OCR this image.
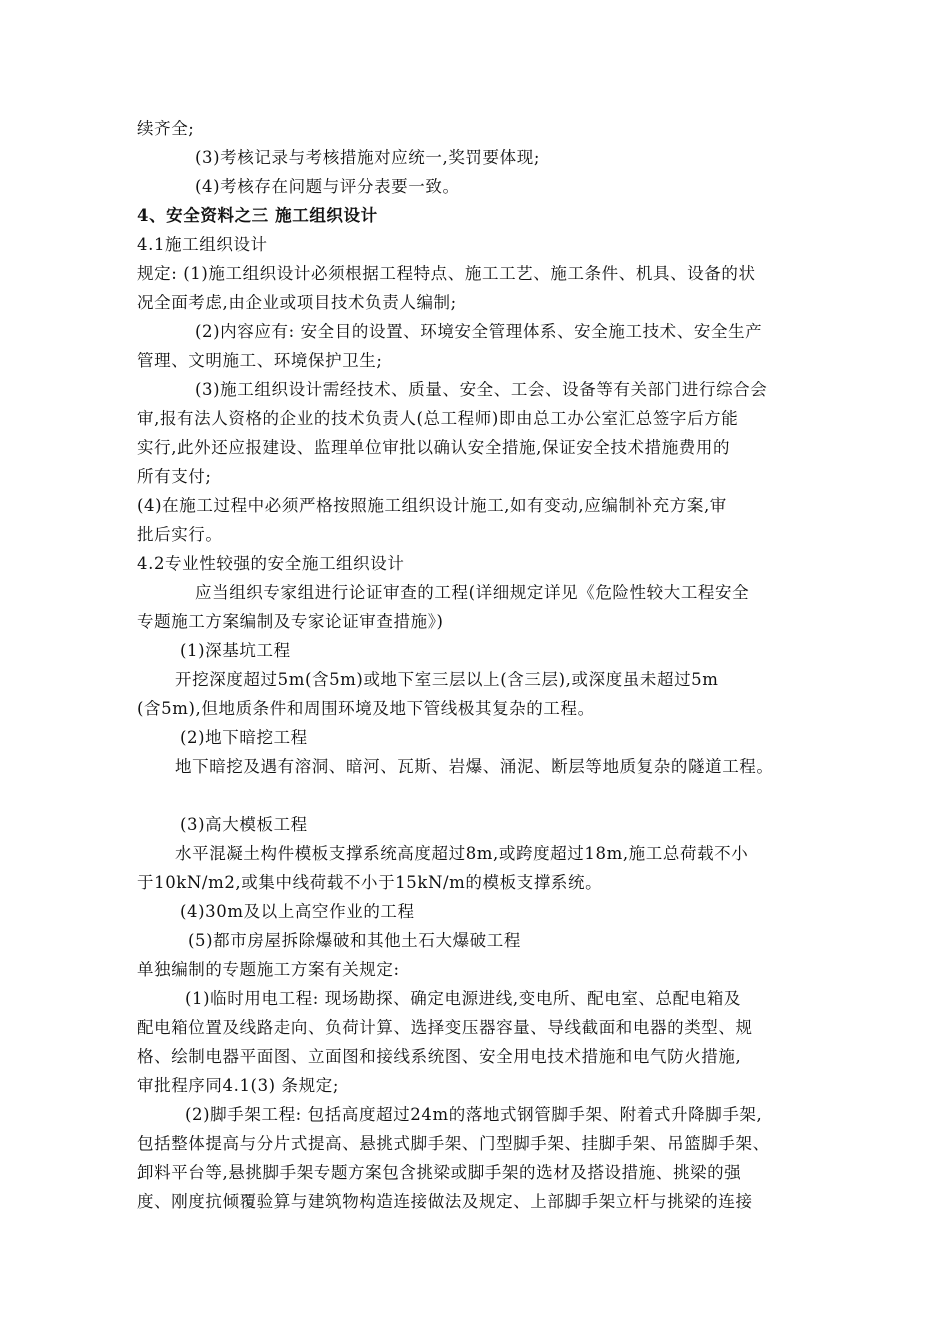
续齐全;
(3)考核记录与考核措施对应统一,奖罚要体现;
(4)考核存在问题与评分表要一致。
4、安全资料之三 施工组织设计
4.1施工组织设计
规定: (1)施工组织设计必须根据工程特点、施工工艺、施工条件、机具、设备的状
况全面考虑,由企业或项目技术负责人编制;
(2)内容应有: 安全目的设置、环境安全管理体系、安全施工技术、安全生产
管理、文明施工、环境保护卫生;
(3)施工组织设计需经技术、质量、安全、工会、设备等有关部门进行综合会
审,报有法人资格的企业的技术负责人(总工程师)即由总工办公室汇总签字后方能
实行,此外还应报建设、监理单位审批以确认安全措施,保证安全技术措施费用的
所有支付;
(4)在施工过程中必须严格按照施工组织设计施工,如有变动,应编制补充方案,审
批后实行。
4.2专业性较强的安全施工组织设计
应当组织专家组进行论证审查的工程(详细规定详见《危险性较大工程安全
专题施工方案编制及专家论证审查措施》)
(1)深基坑工程
开挖深度超过5m(含5m)或地下室三层以上(含三层),或深度虽未超过5m
(含5m),但地质条件和周围环境及地下管线极其复杂的工程。
(2)地下暗挖工程
地下暗挖及遇有溶洞、暗河、瓦斯、岩爆、涌泥、断层等地质复杂的隧道工程。
(3)高大模板工程
水平混凝土构件模板支撑系统高度超过8m,或跨度超过18m,施工总荷载不小
于10kN/m2,或集中线荷载不小于15kN/m的模板支撑系统。
(4)30m及以上高空作业的工程
(5)都市房屋拆除爆破和其他土石大爆破工程
单独编制的专题施工方案有关规定:
(1)临时用电工程: 现场勘探、确定电源进线,变电所、配电室、总配电箱及
配电箱位置及线路走向、负荷计算、选择变压器容量、导线截面和电器的类型、规
格、绘制电器平面图、立面图和接线系统图、安全用电技术措施和电气防火措施,
审批程序同4.1(3) 条规定;
(2)脚手架工程: 包括高度超过24m的落地式钢管脚手架、附着式升降脚手架,
包括整体提高与分片式提高、悬挑式脚手架、门型脚手架、挂脚手架、吊篮脚手架、
卸料平台等,悬挑脚手架专题方案包含挑梁或脚手架的选材及搭设措施、挑梁的强
度、刚度抗倾覆验算与建筑物构造连接做法及规定、上部脚手架立杆与挑梁的连接
